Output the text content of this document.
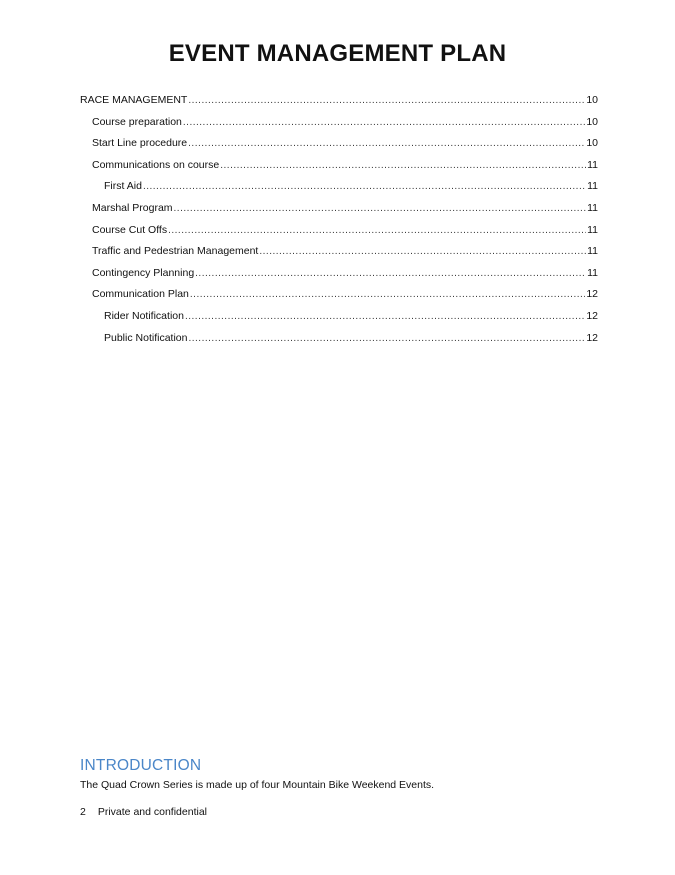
EVENT MANAGEMENT PLAN
RACE MANAGEMENT .....	10
Course preparation .....	10
Start Line procedure .....	10
Communications on course .....	11
First Aid .....	11
Marshal Program .....	11
Course Cut Offs .....	11
Traffic and Pedestrian Management .....	11
Contingency Planning .....	11
Communication Plan .....	12
Rider Notification .....	12
Public Notification .....	12
INTRODUCTION
The Quad Crown Series is made up of four Mountain Bike Weekend Events.
2 Private and confidential
